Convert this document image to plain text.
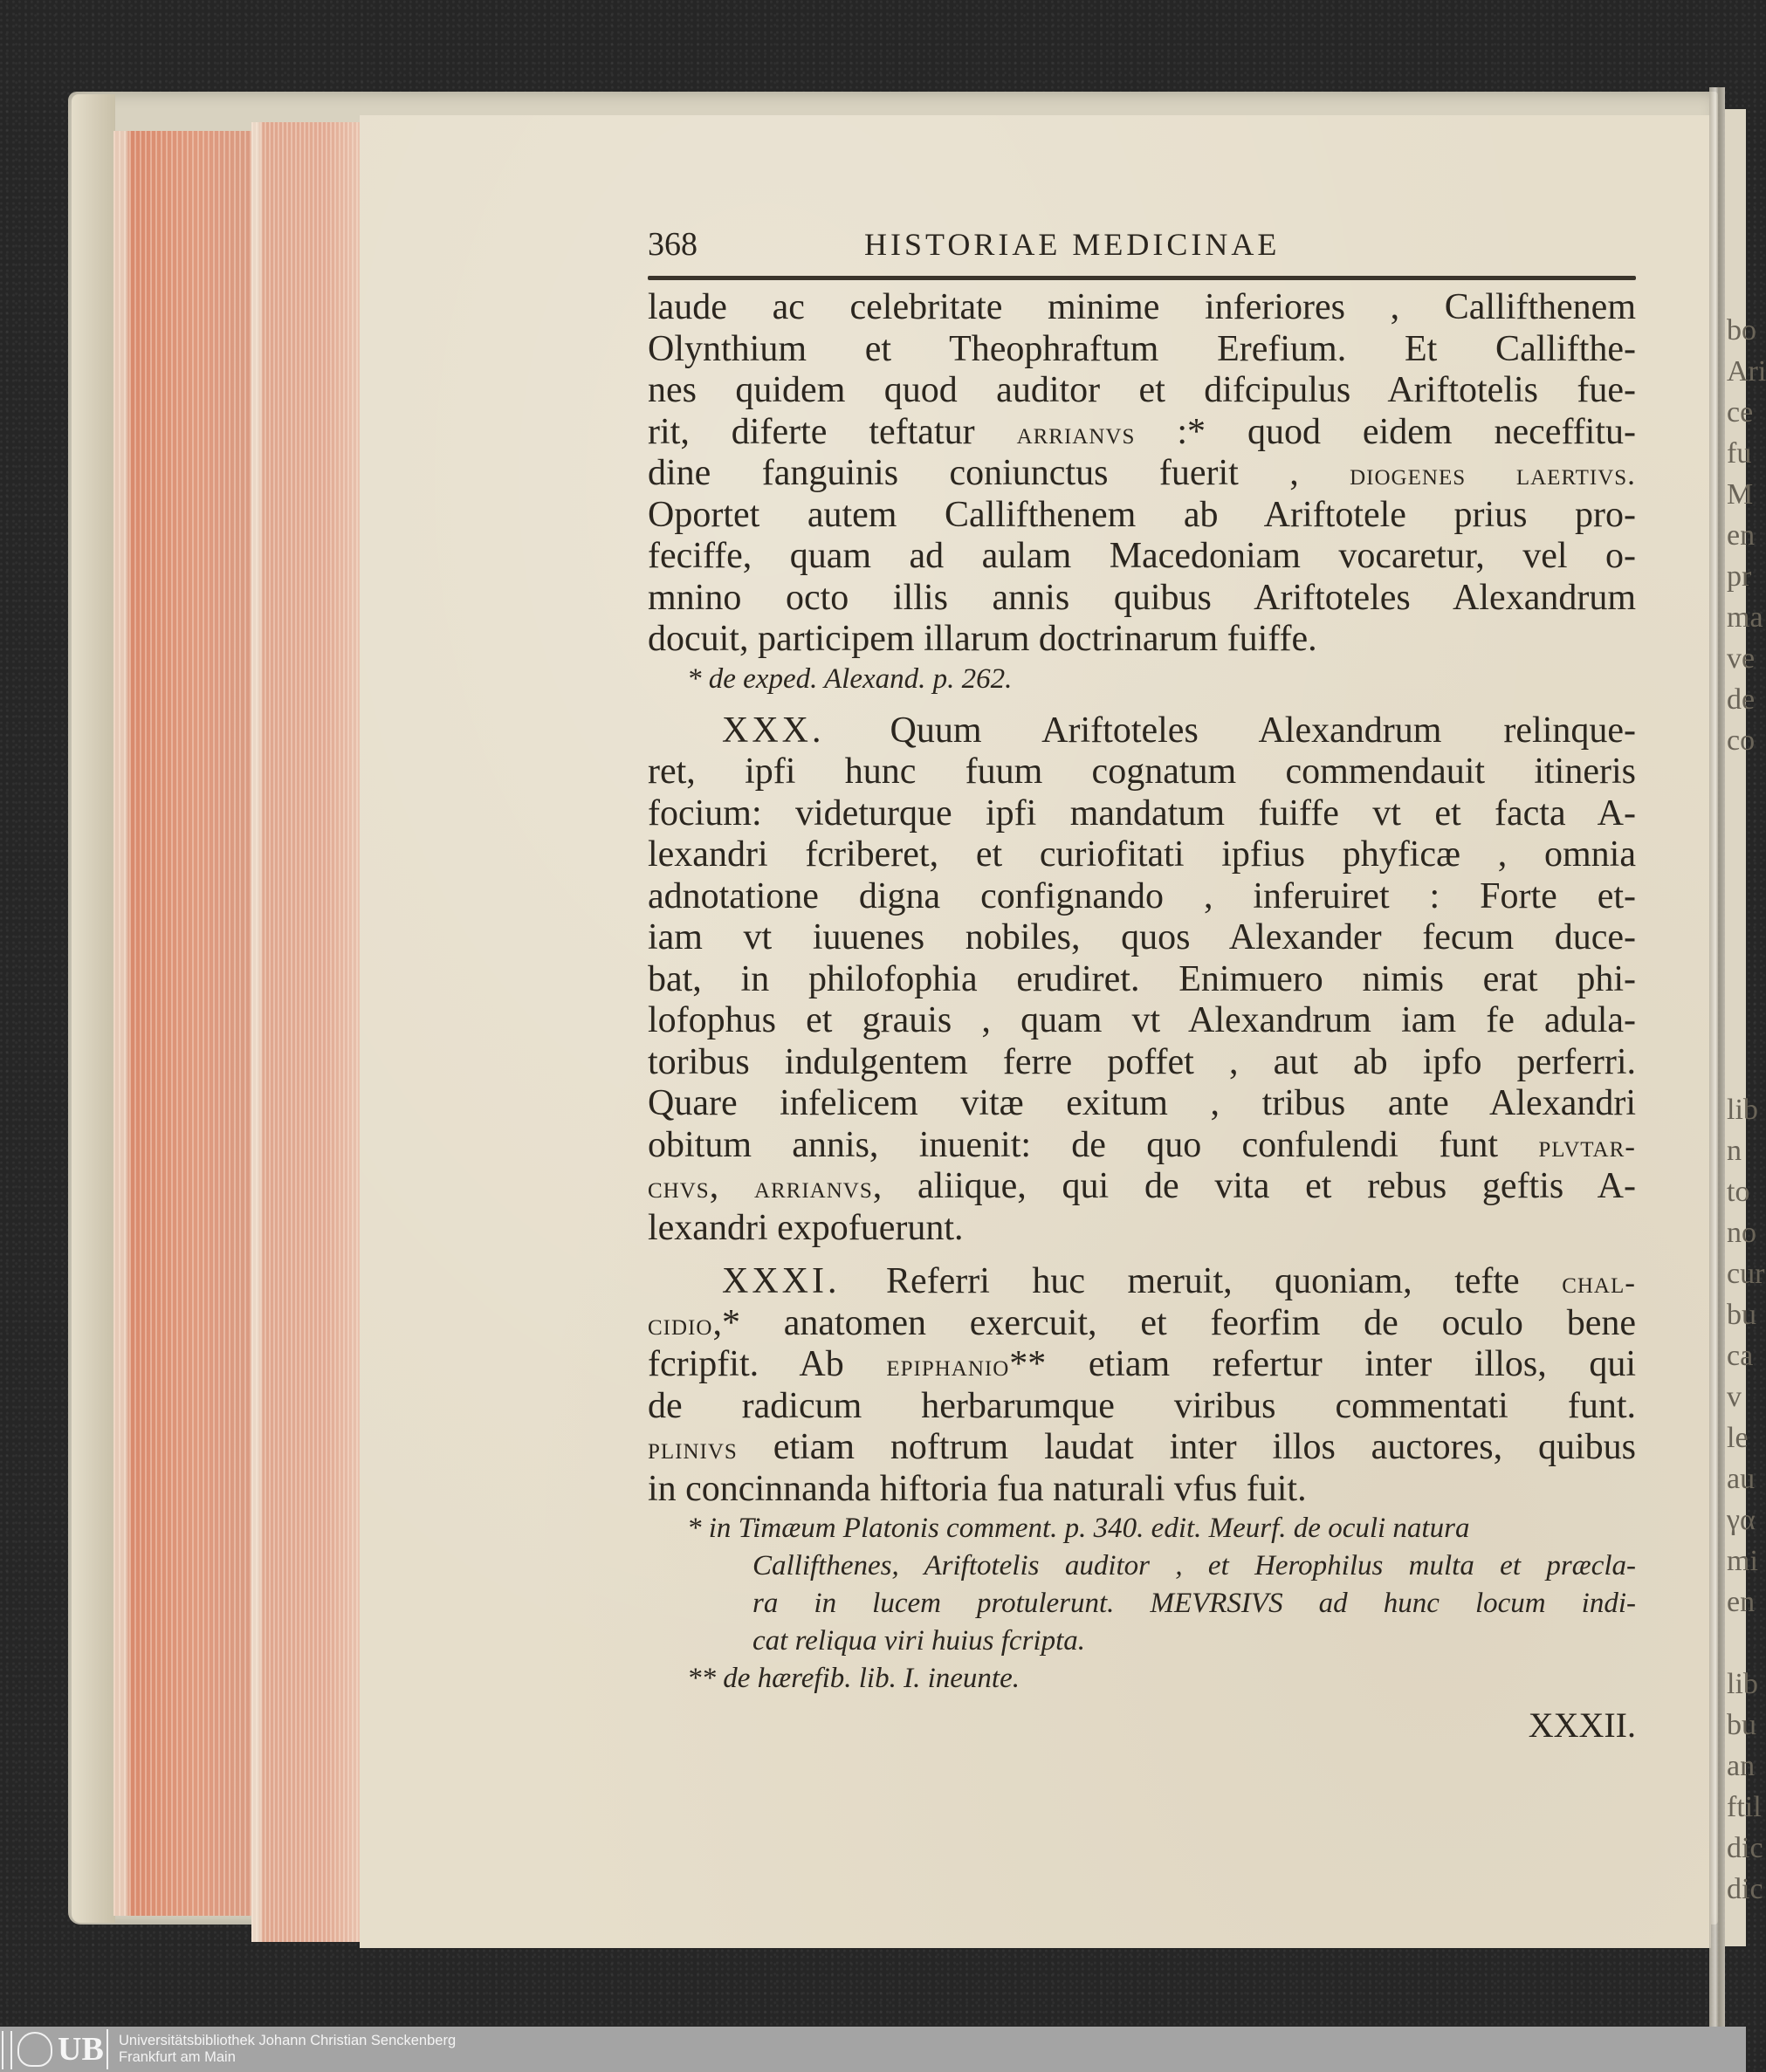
368	HISTORIAE MEDICINAE
laude ac celebritate minime inferiores , Callifthenem
Olynthium et Theophraftum Erefium. Et Callifthe-
nes quidem quod auditor et difcipulus Ariftotelis fue-
rit, diferte teftatur arrianvs :* quod eidem neceffitu-
dine fanguinis coniunctus fuerit , diogenes laertivs.
Oportet autem Callifthenem ab Ariftotele prius pro-
feciffe, quam ad aulam Macedoniam vocaretur, vel o-
mnino octo illis annis quibus Ariftoteles Alexandrum
docuit, participem illarum doctrinarum fuiffe.
* de exped. Alexand. p. 262.
XXX. Quum Ariftoteles Alexandrum relinque-
ret, ipfi hunc fuum cognatum commendauit itineris
focium: videturque ipfi mandatum fuiffe vt et facta A-
lexandri fcriberet, et curiofitati ipfius phyficæ , omnia
adnotatione digna confignando , inferuiret : Forte et-
iam vt iuuenes nobiles, quos Alexander fecum duce-
bat, in philofophia erudiret. Enimuero nimis erat phi-
lofophus et grauis , quam vt Alexandrum iam fe adula-
toribus indulgentem ferre poffet , aut ab ipfo perferri.
Quare infelicem vitæ exitum , tribus ante Alexandri
obitum annis, inuenit: de quo confulendi funt plvtar-
chvs, arrianvs, aliique, qui de vita et rebus geftis A-
lexandri expofuerunt.
XXXI. Referri huc meruit, quoniam, tefte chal-
cidio,* anatomen exercuit, et feorfim de oculo bene
fcripfit. Ab epiphanio** etiam refertur inter illos, qui
de radicum herbarumque viribus commentati funt.
plinivs etiam noftrum laudat inter illos auctores, quibus
in concinnanda hiftoria fua naturali vfus fuit.
* in Timæum Platonis comment. p. 340. edit. Meurf. de oculi natura
Callifthenes, Ariftotelis auditor , et Herophilus multa et præcla-
ra in lucem protulerunt. MEVRSIVS ad hunc locum indi-
cat reliqua viri huius fcripta.
** de hærefib. lib. I. ineunte.
XXXII.
bo
Ari
ce
fu
M
en
pr
ma
ve
de
co

lib
n
to
no
cur
bu
ca
v
le
au
γα
mi
en

lib
bu
an
ftil
dic
dic
UB Universitätsbibliothek Johann Christian Senckenberg
Frankfurt am Main
